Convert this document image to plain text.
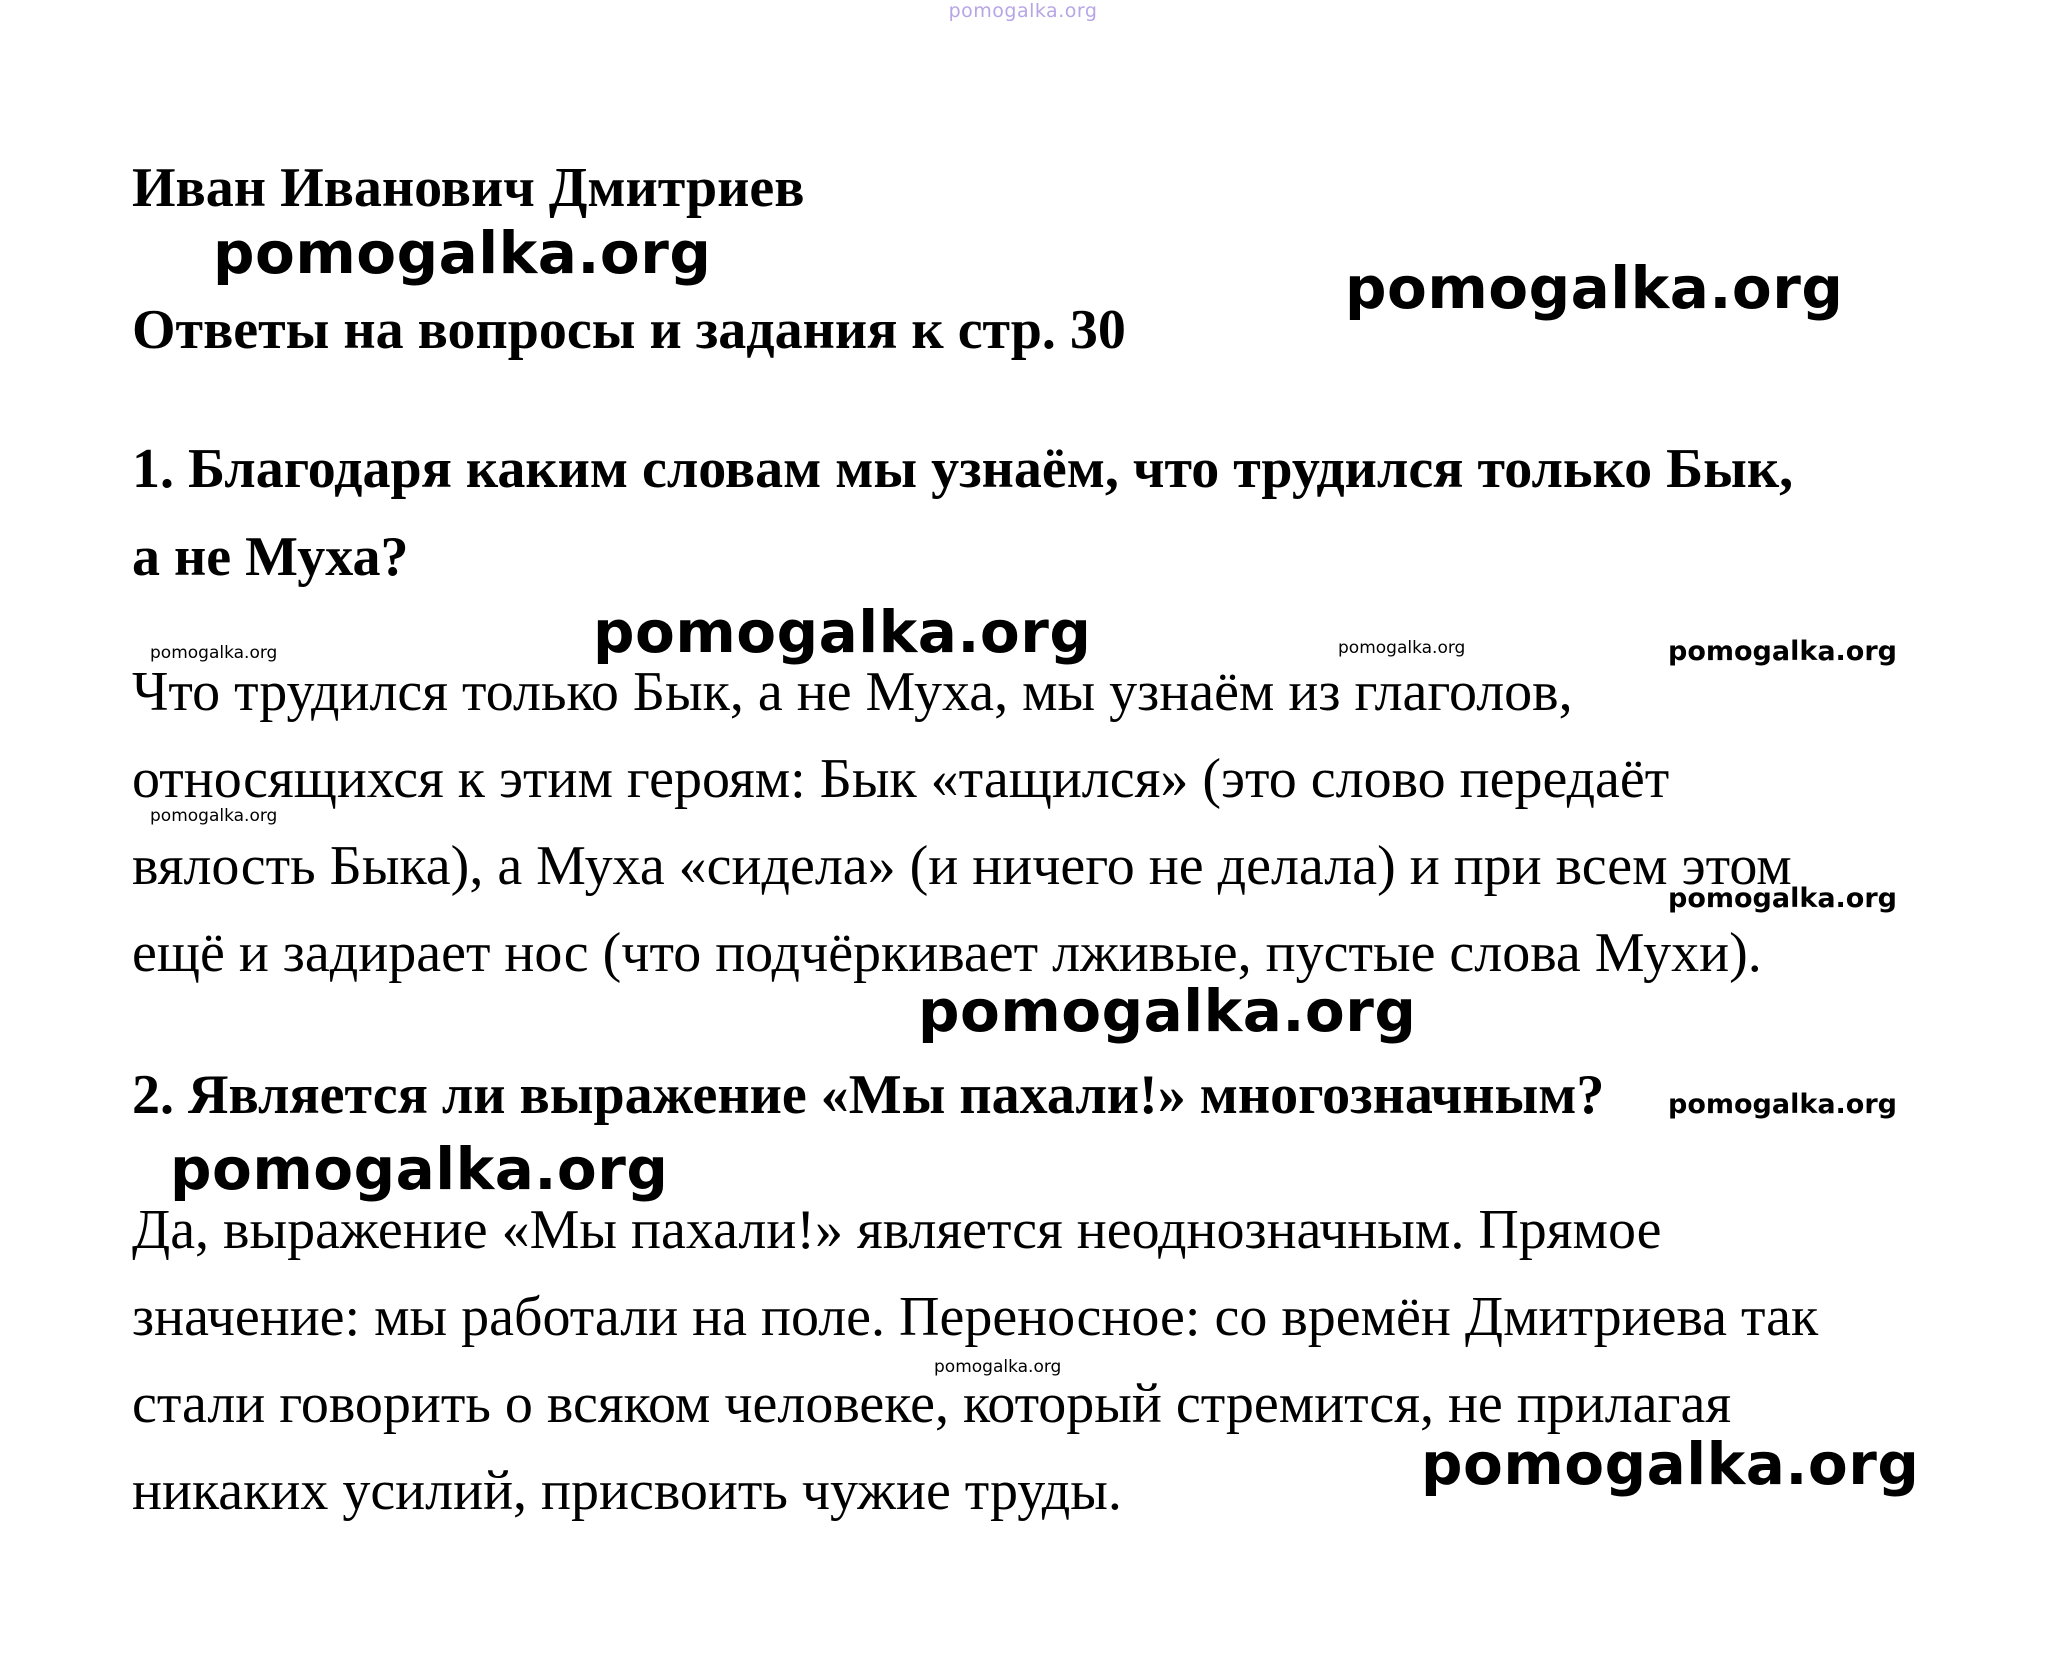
pomogalka.org
Иван Иванович Дмитриев
Ответы на вопросы и задания к стр. 30
1. Благодаря каким словам мы узнаём, что трудился только Бык,
а не Муха?
Что трудился только Бык, а не Муха, мы узнаём из глаголов,
относящихся к этим героям: Бык «тащился» (это слово передаёт
вялость Быка), а Муха «сидела» (и ничего не делала) и при всем этом
ещё и задирает нос (что подчёркивает лживые, пустые слова Мухи).
2. Является ли выражение «Мы пахали!» многозначным?
Да, выражение «Мы пахали!» является неоднозначным. Прямое
значение: мы работали на поле. Переносное: со времён Дмитриева так
стали говорить о всяком человеке, который стремится, не прилагая
никаких усилий, присвоить чужие труды.
pomogalka.org
pomogalka.org
pomogalka.org
pomogalka.org	pomogalka.org	pomogalka.org
pomogalka.org
pomogalka.org
pomogalka.org
pomogalka.org
pomogalka.org
pomogalka.org
pomogalka.org
